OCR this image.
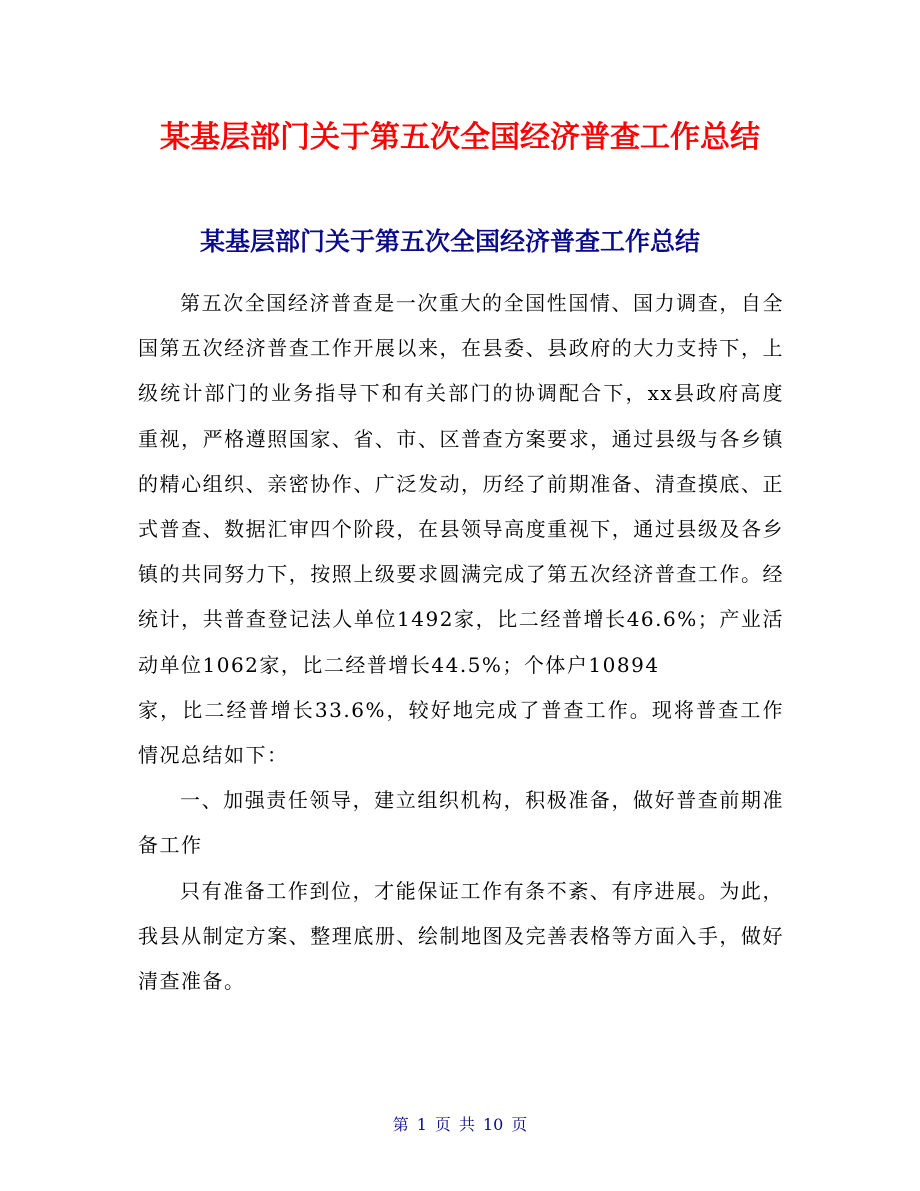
某基层部门关于第五次全国经济普查工作总结
某基层部门关于第五次全国经济普查工作总结

第五次全国经济普查是一次重大的全国性国情、国力调查，自全国第五次经济普查工作开展以来，在县委、县政府的大力支持下，上级统计部门的业务指导下和有关部门的协调配合下，xx县政府高度重视，严格遵照国家、省、市、区普查方案要求，通过县级与各乡镇的精心组织、亲密协作、广泛发动，历经了前期准备、清查摸底、正式普查、数据汇审四个阶段，在县领导高度重视下，通过县级及各乡镇的共同努力下，按照上级要求圆满完成了第五次经济普查工作。经统计，共普查登记法人单位1492家，比二经普增长46.6%；产业活动单位1062家，比二经普增长44.5%；个体户10894

家，比二经普增长33.6%，较好地完成了普查工作。现将普查工作情况总结如下：

一、加强责任领导，建立组织机构，积极准备，做好普查前期准备工作

只有准备工作到位，才能保证工作有条不紊、有序进展。为此，我县从制定方案、整理底册、绘制地图及完善表格等方面入手，做好清查准备。

第 1 页 共 10 页
